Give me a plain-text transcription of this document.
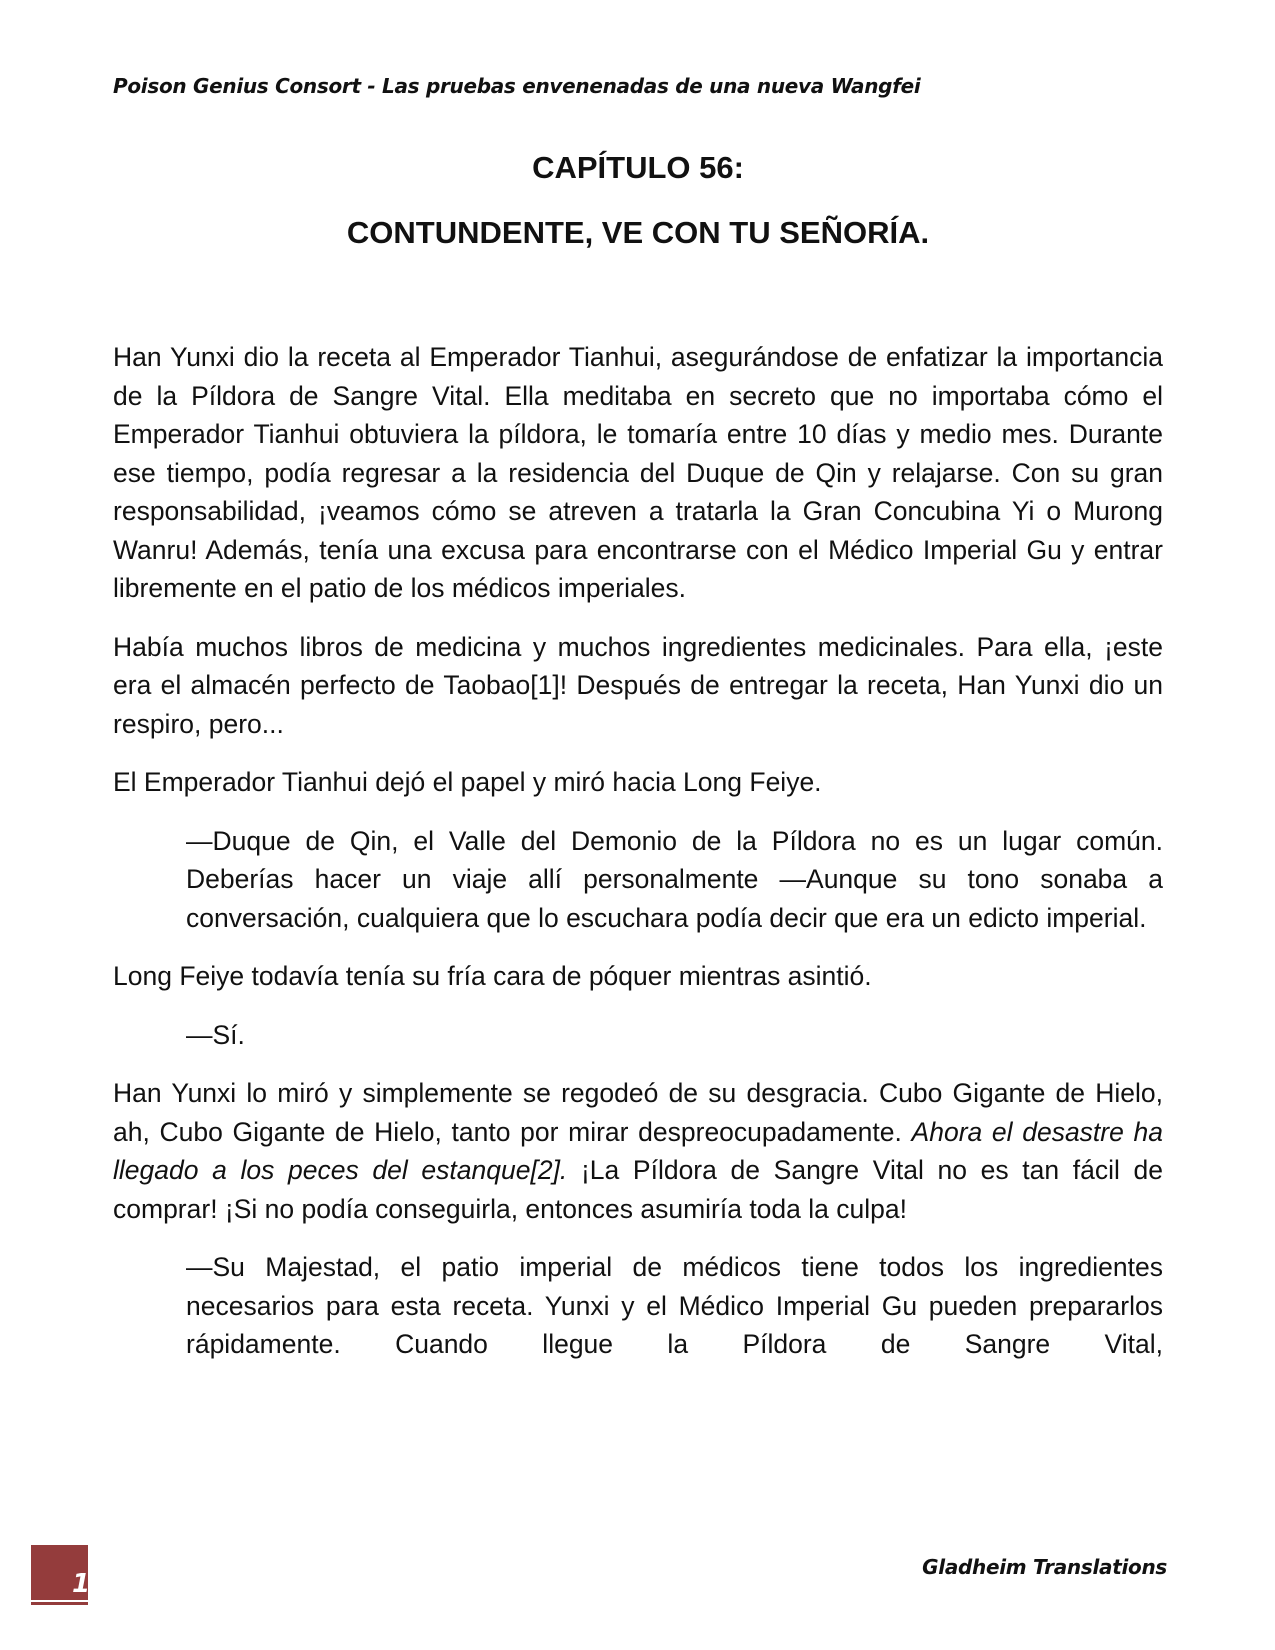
Poison Genius Consort - Las pruebas envenenadas de una nueva Wangfei
CAPÍTULO 56:
CONTUNDENTE, VE CON TU SEÑORÍA.

Han Yunxi dio la receta al Emperador Tianhui, asegurándose de enfatizar la importancia de la Píldora de Sangre Vital. Ella meditaba en secreto que no importaba cómo el Emperador Tianhui obtuviera la píldora, le tomaría entre 10 días y medio mes. Durante ese tiempo, podía regresar a la residencia del Duque de Qin y relajarse. Con su gran responsabilidad, ¡veamos cómo se atreven a tratarla la Gran Concubina Yi o Murong Wanru! Además, tenía una excusa para encontrarse con el Médico Imperial Gu y entrar libremente en el patio de los médicos imperiales.

Había muchos libros de medicina y muchos ingredientes medicinales. Para ella, ¡este era el almacén perfecto de Taobao[1]! Después de entregar la receta, Han Yunxi dio un respiro, pero...

El Emperador Tianhui dejó el papel y miró hacia Long Feiye.

—Duque de Qin, el Valle del Demonio de la Píldora no es un lugar común. Deberías hacer un viaje allí personalmente —Aunque su tono sonaba a conversación, cualquiera que lo escuchara podía decir que era un edicto imperial.

Long Feiye todavía tenía su fría cara de póquer mientras asintió.

—Sí.

Han Yunxi lo miró y simplemente se regodeó de su desgracia. Cubo Gigante de Hielo, ah, Cubo Gigante de Hielo, tanto por mirar despreocupadamente. Ahora el desastre ha llegado a los peces del estanque[2]. ¡La Píldora de Sangre Vital no es tan fácil de comprar! ¡Si no podía conseguirla, entonces asumiría toda la culpa!

—Su Majestad, el patio imperial de médicos tiene todos los ingredientes necesarios para esta receta. Yunxi y el Médico Imperial Gu pueden prepararlos rápidamente. Cuando llegue la Píldora de Sangre Vital,

1
Gladheim Translations
